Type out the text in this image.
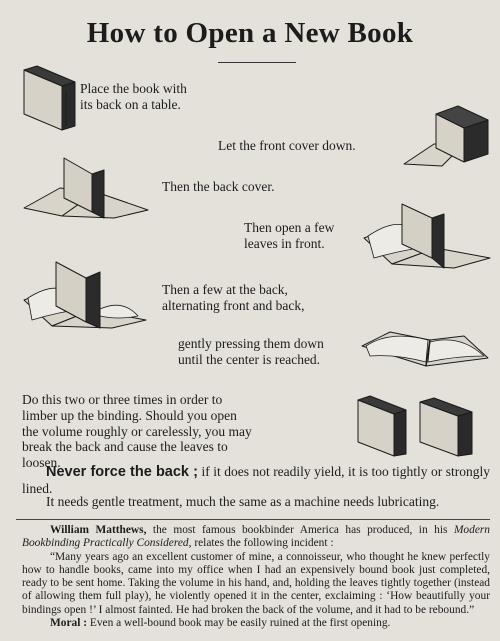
How to Open a New Book
Place the book with
its back on a table.
Let the front cover down.
Then the back cover.
Then open a few
leaves in front.
Then a few at the back,
alternating front and back,
gently pressing them down
until the center is reached.
Do this two or three times in order to
limber up the binding. Should you open
the volume roughly or carelessly, you may
break the back and cause the leaves to
loosen.

Never force the back ; if it does not readily yield, it is too tightly or strongly lined.

It needs gentle treatment, much the same as a machine needs lubricating.

William Matthews, the most famous bookbinder America has produced, in his Modern Bookbinding Practically Considered, relates the following incident :

“Many years ago an excellent customer of mine, a connoisseur, who thought he knew perfectly how to handle books, came into my office when I had an expensively bound book just completed, ready to be sent home. Taking the volume in his hand, and, holding the leaves tightly together (instead of allowing them full play), he violently opened it in the center, exclaiming : ‘How beautifully your bindings open !’ I almost fainted. He had broken the back of the volume, and it had to be rebound.”

Moral : Even a well-bound book may be easily ruined at the first opening.
